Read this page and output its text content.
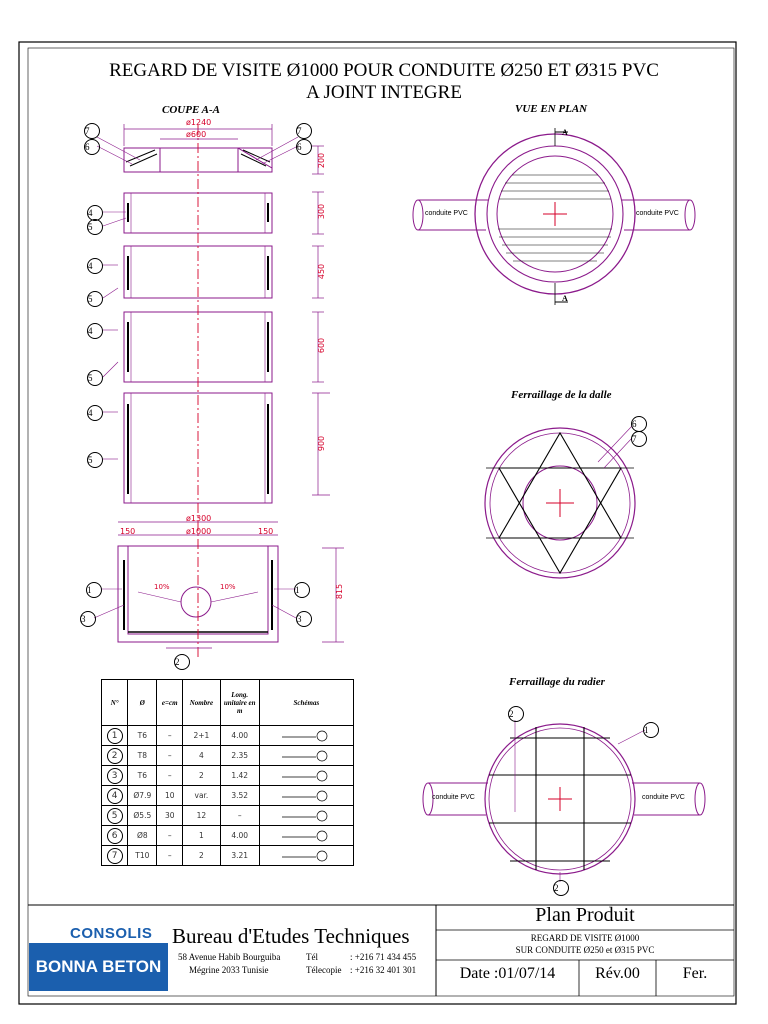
REGARD DE VISITE Ø1000 POUR CONDUITE Ø250 ET Ø315 PVC
A JOINT INTEGRE
COUPE A-A	VUE EN PLAN
Ferraillage de la dalle
Ferraillage du radier
A
A
conduite PVC	conduite PVC
conduite PVC	conduite PVC
ø1240
ø600
ø1300
ø1000
150	150
10%	10%
200
300
450
600
900
815
7
6
7
6
4
5
4
5
4
5
4
5
1	1
3	3
2
6
7
2
1
2
N°	Ø	e=cm	Nombre	Long. unitaire en m	Schémas
1	T6	–	2+1	4.00	
2	T8	–	4	2.35	
3	T6	–	2	1.42	
4	Ø7.9	10	var.	3.52	
5	Ø5.5	30	12	–	
6	Ø8	–	1	4.00	
7	T10	–	2	3.21	
CONSOLIS
BONNA BETON
Bureau d'Etudes Techniques
58 Avenue Habib Bourguiba
Mégrine 2033 Tunisie
Tél	: +216 71 434 455
Télecopie : +216 32 401 301
Plan Produit
REGARD DE VISITE Ø1000
SUR CONDUITE Ø250 et Ø315 PVC
Date :01/07/14	Rév.00	Fer.
